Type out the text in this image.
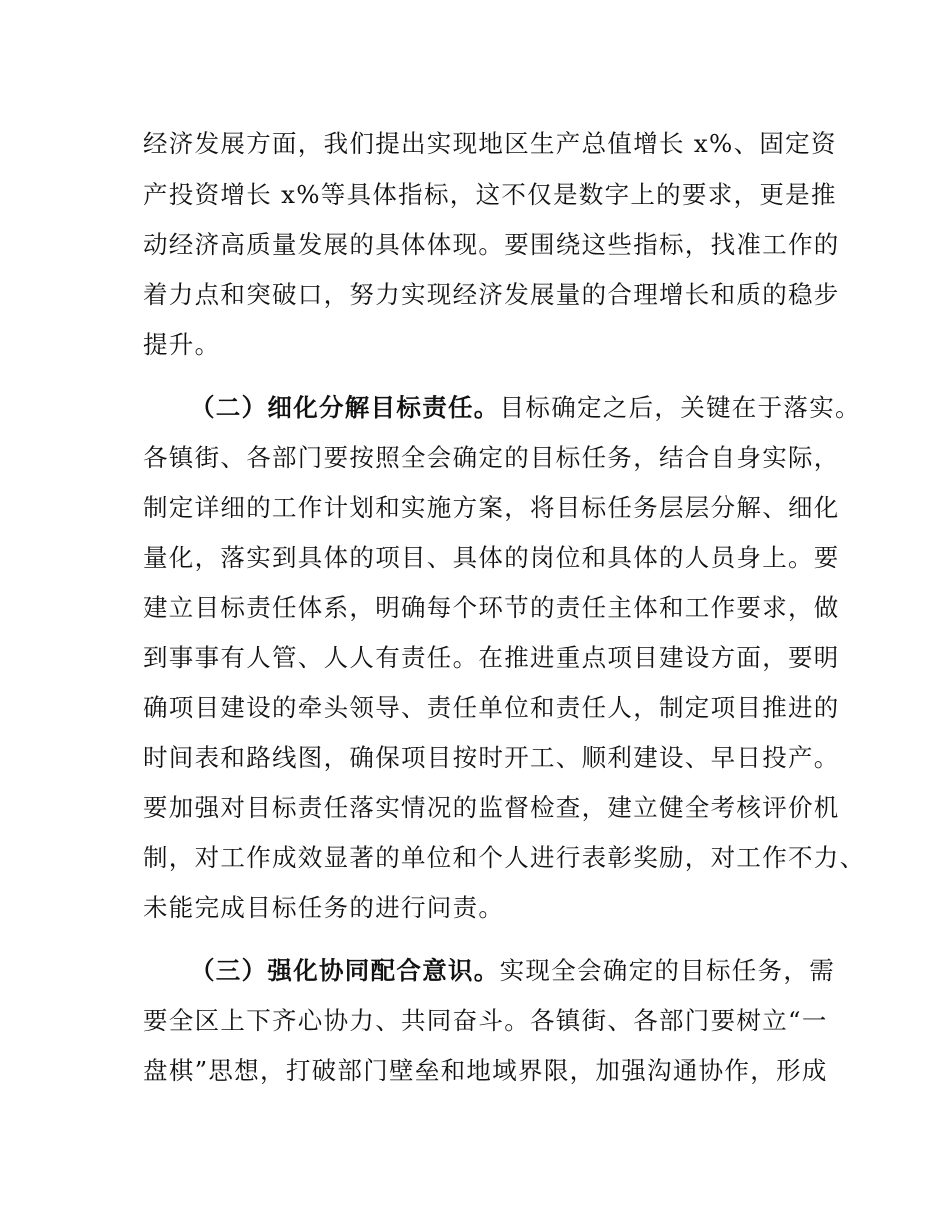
经济发展方面，我们提出实现地区生产总值增长 x%、固定资
产投资增长 x%等具体指标，这不仅是数字上的要求，更是推
动经济高质量发展的具体体现。要围绕这些指标，找准工作的
着力点和突破口，努力实现经济发展量的合理增长和质的稳步
提升。
（二）细化分解目标责任。目标确定之后，关键在于落实。
各镇街、各部门要按照全会确定的目标任务，结合自身实际，
制定详细的工作计划和实施方案，将目标任务层层分解、细化
量化，落实到具体的项目、具体的岗位和具体的人员身上。要
建立目标责任体系，明确每个环节的责任主体和工作要求，做
到事事有人管、人人有责任。在推进重点项目建设方面，要明
确项目建设的牵头领导、责任单位和责任人，制定项目推进的
时间表和路线图，确保项目按时开工、顺利建设、早日投产。
要加强对目标责任落实情况的监督检查，建立健全考核评价机
制，对工作成效显著的单位和个人进行表彰奖励，对工作不力、
未能完成目标任务的进行问责。
（三）强化协同配合意识。实现全会确定的目标任务，需
要全区上下齐心协力、共同奋斗。各镇街、各部门要树立“一
盘棋”思想，打破部门壁垒和地域界限，加强沟通协作，形成
